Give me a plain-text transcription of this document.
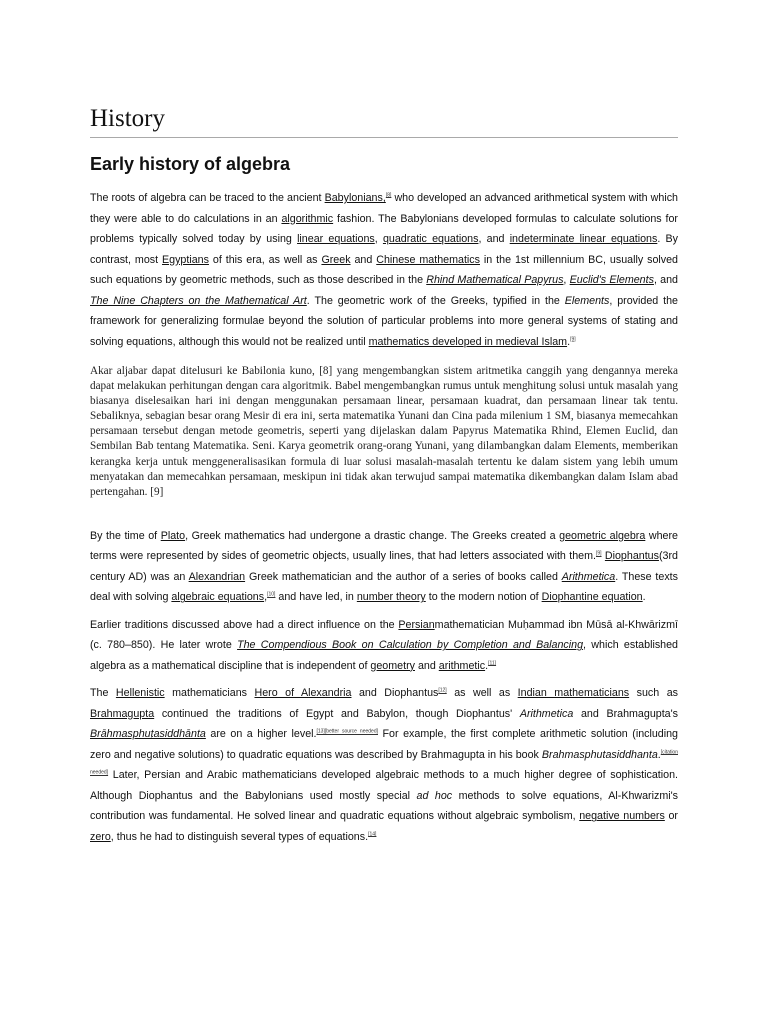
History
Early history of algebra

The roots of algebra can be traced to the ancient Babylonians,[8] who developed an advanced arithmetical system with which they were able to do calculations in an algorithmic fashion. The Babylonians developed formulas to calculate solutions for problems typically solved today by using linear equations, quadratic equations, and indeterminate linear equations. By contrast, most Egyptians of this era, as well as Greek and Chinese mathematics in the 1st millennium BC, usually solved such equations by geometric methods, such as those described in the Rhind Mathematical Papyrus, Euclid's Elements, and The Nine Chapters on the Mathematical Art. The geometric work of the Greeks, typified in the Elements, provided the framework for generalizing formulae beyond the solution of particular problems into more general systems of stating and solving equations, although this would not be realized until mathematics developed in medieval Islam.[9]

Akar aljabar dapat ditelusuri ke Babilonia kuno, [8] yang mengembangkan sistem aritmetika canggih yang dengannya mereka dapat melakukan perhitungan dengan cara algoritmik. Babel mengembangkan rumus untuk menghitung solusi untuk masalah yang biasanya diselesaikan hari ini dengan menggunakan persamaan linear, persamaan kuadrat, dan persamaan linear tak tentu. Sebaliknya, sebagian besar orang Mesir di era ini, serta matematika Yunani dan Cina pada milenium 1 SM, biasanya memecahkan persamaan tersebut dengan metode geometris, seperti yang dijelaskan dalam Papyrus Matematika Rhind, Elemen Euclid, dan Sembilan Bab tentang Matematika. Seni. Karya geometrik orang-orang Yunani, yang dilambangkan dalam Elements, memberikan kerangka kerja untuk menggeneralisasikan formula di luar solusi masalah-masalah tertentu ke dalam sistem yang lebih umum menyatakan dan memecahkan persamaan, meskipun ini tidak akan terwujud sampai matematika dikembangkan dalam Islam abad pertengahan. [9]

By the time of Plato, Greek mathematics had undergone a drastic change. The Greeks created a geometric algebra where terms were represented by sides of geometric objects, usually lines, that had letters associated with them.[9] Diophantus(3rd century AD) was an Alexandrian Greek mathematician and the author of a series of books called Arithmetica. These texts deal with solving algebraic equations,[10] and have led, in number theory to the modern notion of Diophantine equation.

Earlier traditions discussed above had a direct influence on the Persianmathematician Muḥammad ibn Mūsā al-Khwārizmī (c. 780–850). He later wrote The Compendious Book on Calculation by Completion and Balancing, which established algebra as a mathematical discipline that is independent of geometry and arithmetic.[11]

The Hellenistic mathematicians Hero of Alexandria and Diophantus[12] as well as Indian mathematicians such as Brahmagupta continued the traditions of Egypt and Babylon, though Diophantus' Arithmetica and Brahmagupta's Brāhmasphuṭasiddhānta are on a higher level.[13][better source needed] For example, the first complete arithmetic solution (including zero and negative solutions) to quadratic equations was described by Brahmagupta in his book Brahmasphutasiddhanta.[citation needed] Later, Persian and Arabic mathematicians developed algebraic methods to a much higher degree of sophistication. Although Diophantus and the Babylonians used mostly special ad hoc methods to solve equations, Al-Khwarizmi's contribution was fundamental. He solved linear and quadratic equations without algebraic symbolism, negative numbers or zero, thus he had to distinguish several types of equations.[14]
